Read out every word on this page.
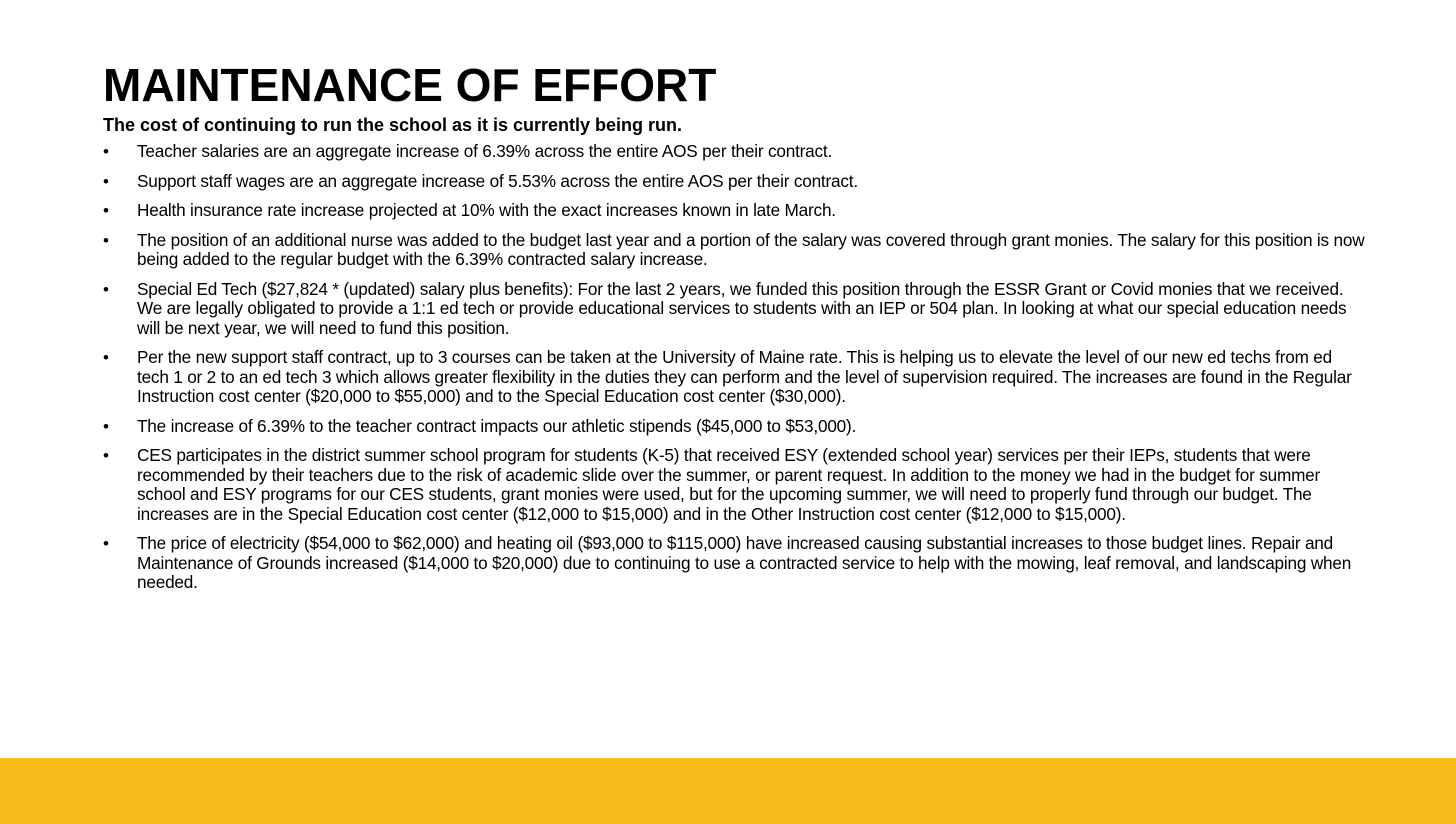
MAINTENANCE OF EFFORT

The cost of continuing to run the school as it is currently being run.

•	Teacher salaries are an aggregate increase of 6.39% across the entire AOS per their contract.
•	Support staff wages are an aggregate increase of 5.53% across the entire AOS per their contract.
•	Health insurance rate increase projected at 10% with the exact increases known in late March.
•	The position of an additional nurse was added to the budget last year and a portion of the salary was covered through grant monies. The salary for this position is now being added to the regular budget with the 6.39% contracted salary increase.
•	Special Ed Tech ($27,824 * (updated) salary plus benefits): For the last 2 years, we funded this position through the ESSR Grant or Covid monies that we received. We are legally obligated to provide a 1:1 ed tech or provide educational services to students with an IEP or 504 plan. In looking at what our special education needs will be next year, we will need to fund this position.
•	Per the new support staff contract, up to 3 courses can be taken at the University of Maine rate. This is helping us to elevate the level of our new ed techs from ed tech 1 or 2 to an ed tech 3 which allows greater flexibility in the duties they can perform and the level of supervision required. The increases are found in the Regular Instruction cost center ($20,000 to $55,000) and to the Special Education cost center ($30,000).
•	The increase of 6.39% to the teacher contract impacts our athletic stipends ($45,000 to $53,000).
•	CES participates in the district summer school program for students (K-5) that received ESY (extended school year) services per their IEPs, students that were recommended by their teachers due to the risk of academic slide over the summer, or parent request. In addition to the money we had in the budget for summer school and ESY programs for our CES students, grant monies were used, but for the upcoming summer, we will need to properly fund through our budget. The increases are in the Special Education cost center ($12,000 to $15,000) and in the Other Instruction cost center ($12,000 to $15,000).
•	The price of electricity ($54,000 to $62,000) and heating oil ($93,000 to $115,000) have increased causing substantial increases to those budget lines. Repair and Maintenance of Grounds increased ($14,000 to $20,000) due to continuing to use a contracted service to help with the mowing, leaf removal, and landscaping when needed.
